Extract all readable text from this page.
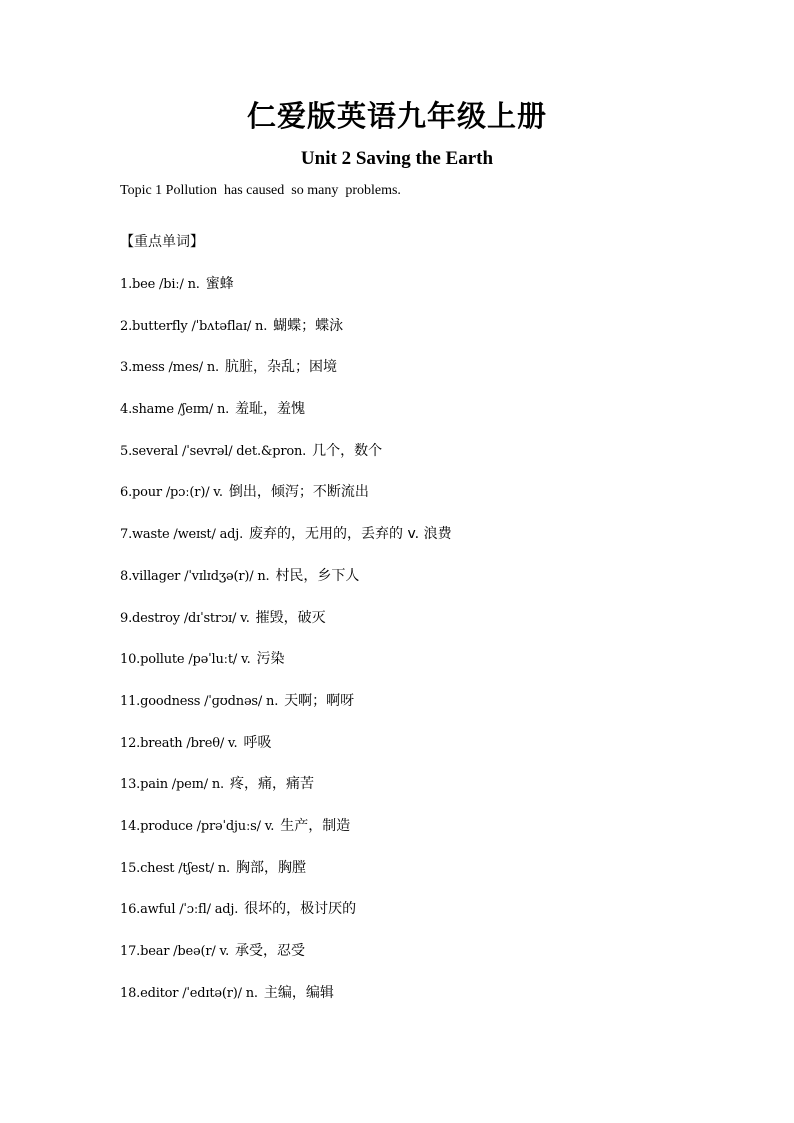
仁爱版英语九年级上册
Unit 2 Saving the Earth
Topic 1 Pollution  has caused  so many  problems.
【重点单词】
1.bee /biː/ n. 蜜蜂
2.butterfly /ˈbʌtəflaɪ/ n. 蝴蝶；蝶泳
3.mess /mes/ n. 肮脏，杂乱；困境
4.shame /ʃeɪm/ n. 羞耻，羞愧
5.several /ˈsevrəl/ det.&pron. 几个，数个
6.pour /pɔː(r)/ v. 倒出，倾泻；不断流出
7.waste /weɪst/ adj. 废弃的，无用的，丢弃的 v. 浪费
8.villager /ˈvɪlɪdʒə(r)/ n. 村民，乡下人
9.destroy /dɪˈstrɔɪ/ v. 摧毁，破灭
10.pollute /pəˈluːt/ v. 污染
11.goodness /ˈɡʊdnəs/ n. 天啊；啊呀
12.breath /breθ/ v. 呼吸
13.pain /peɪn/ n. 疼，痛，痛苦
14.produce /prəˈdjuːs/ v. 生产，制造
15.chest /tʃest/ n. 胸部，胸膛
16.awful /ˈɔːfl/ adj. 很坏的，极讨厌的
17.bear /beə(r/ v. 承受，忍受
18.editor /ˈedɪtə(r)/ n. 主编，编辑
